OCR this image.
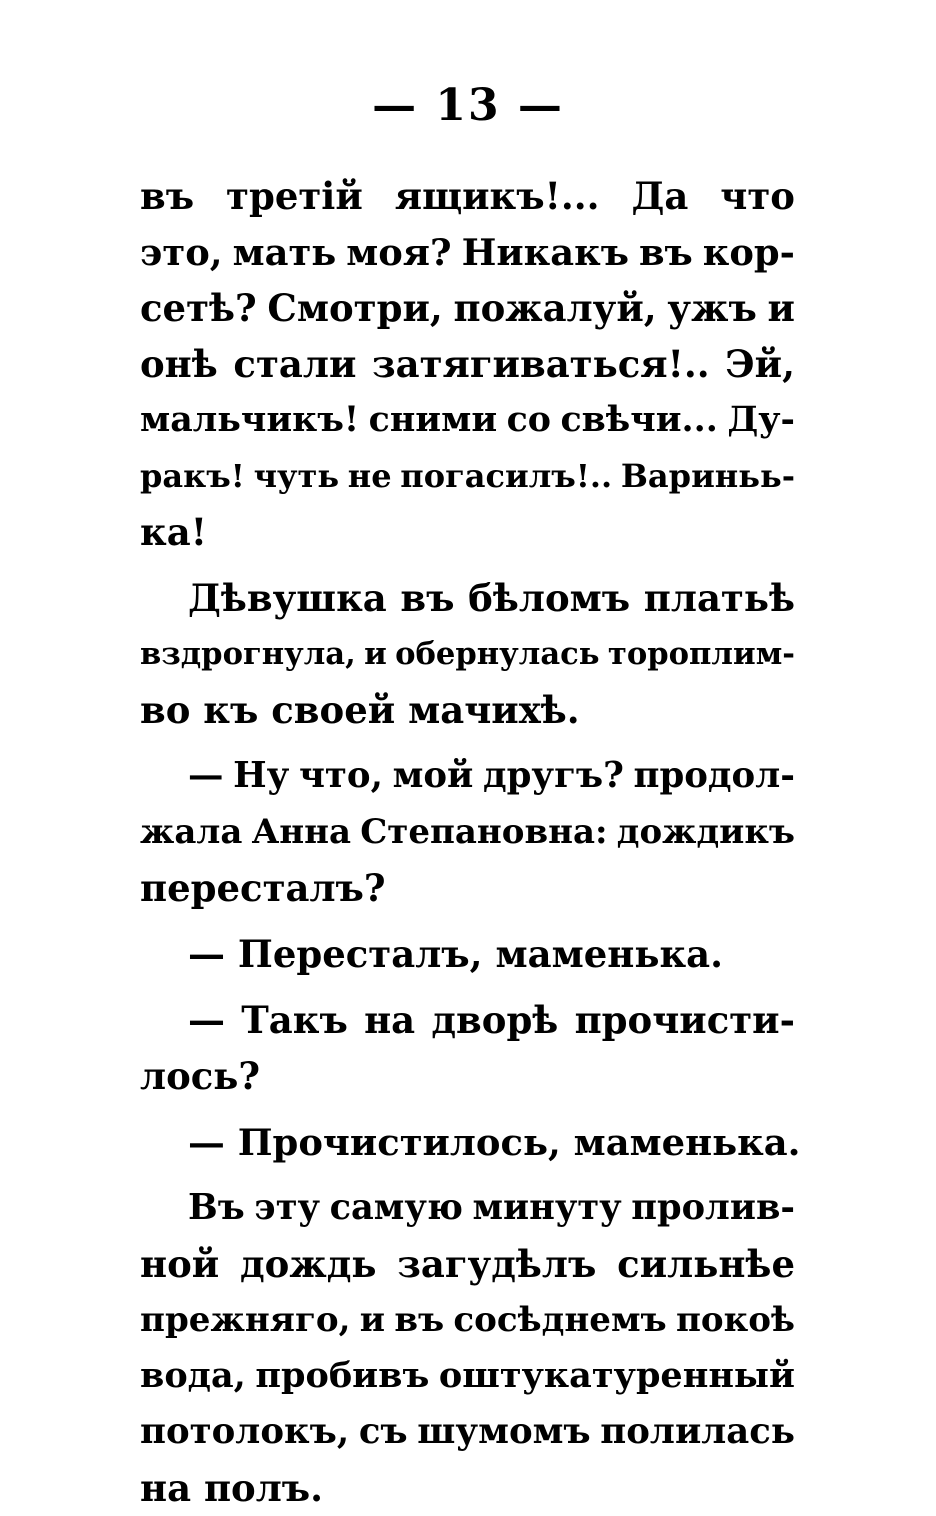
— 13 —
въ третій ящикъ!... Да что
это, мать моя? Никакъ въ кор-
сетѣ? Смотри, пожалуй, ужъ и
онѣ стали затягиваться!.. Эй,
мальчикъ! сними со свѣчи... Ду-
ракъ! чуть не погасилъ!.. Вариньь-
ка!

Дѣвушка въ бѣломъ платьѣ
вздрогнула, и обернулась тороплим-
во
къ
своей
мачихѣ.

— Ну что, мой другъ? продол-
жала Анна Степановна: дождикъ
пересталъ?

—
Пересталъ,
маменька.

— Такъ на дворѣ прочисти-
лось?

—
Прочистилось,
маменька.

Въ эту самую минуту пролив-
ной дождь загудѣлъ сильнѣе
прежняго, и въ сосѣднемъ покоѣ
вода, пробивъ оштукатуренный
потолокъ, съ шумомъ полилась
на
полъ.
